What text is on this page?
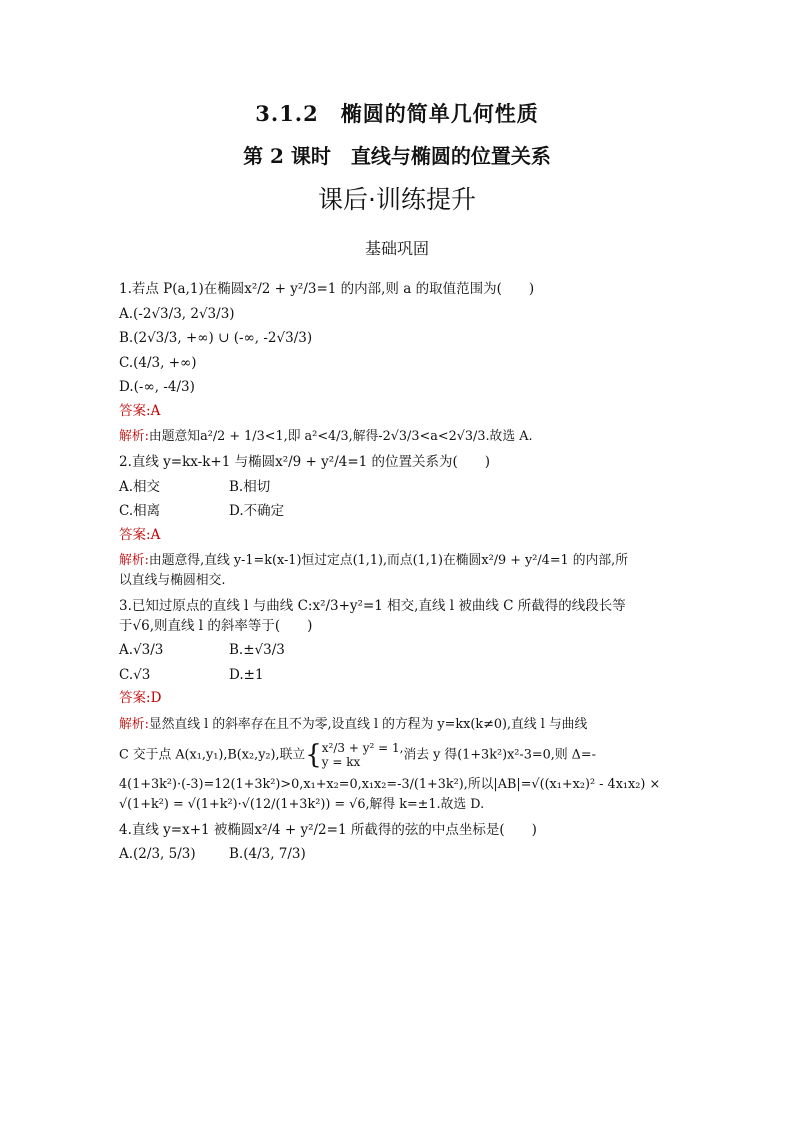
3.1.2　椭圆的简单几何性质
第 2 课时　直线与椭圆的位置关系
课后·训练提升
基础巩固
1.若点 P(a,1)在椭圆x²/2 + y²/3=1 的内部,则 a 的取值范围为(　　)
A.(-2√3/3, 2√3/3)
B.(2√3/3, +∞) ∪ (-∞, -2√3/3)
C.(4/3, +∞)
D.(-∞, -4/3)
答案:A
解析:由题意知a²/2 + 1/3<1,即 a²<4/3,解得-2√3/3<a<2√3/3.故选 A.
2.直线 y=kx-k+1 与椭圆x²/9 + y²/4=1 的位置关系为(　　)
A.相交	B.相切
C.相离	D.不确定
答案:A
解析:由题意得,直线 y-1=k(x-1)恒过定点(1,1),而点(1,1)在椭圆x²/9 + y²/4=1 的内部,所
以直线与椭圆相交.
3.已知过原点的直线 l 与曲线 C:x²/3+y²=1 相交,直线 l 被曲线 C 所截得的线段长等
于√6,则直线 l 的斜率等于(　　)
A.√3/3	B.±√3/3
C.√3	D.±1
答案:D
解析:显然直线 l 的斜率存在且不为零,设直线 l 的方程为 y=kx(k≠0),直线 l 与曲线
C 交于点 A(x₁,y₁),B(x₂,y₂),联立{ x²/3 + y² = 1,
y = kx	消去 y 得(1+3k²)x²-3=0,则 Δ=-
4(1+3k²)·(-3)=12(1+3k²)>0,x₁+x₂=0,x₁x₂=-3/(1+3k²),所以|AB|=√((x₁+x₂)² - 4x₁x₂) ×
√(1+k²) = √(1+k²)·√(12/(1+3k²)) = √6,解得 k=±1.故选 D.
4.直线 y=x+1 被椭圆x²/4 + y²/2=1 所截得的弦的中点坐标是(　　)
A.(2/3, 5/3)	B.(4/3, 7/3)
